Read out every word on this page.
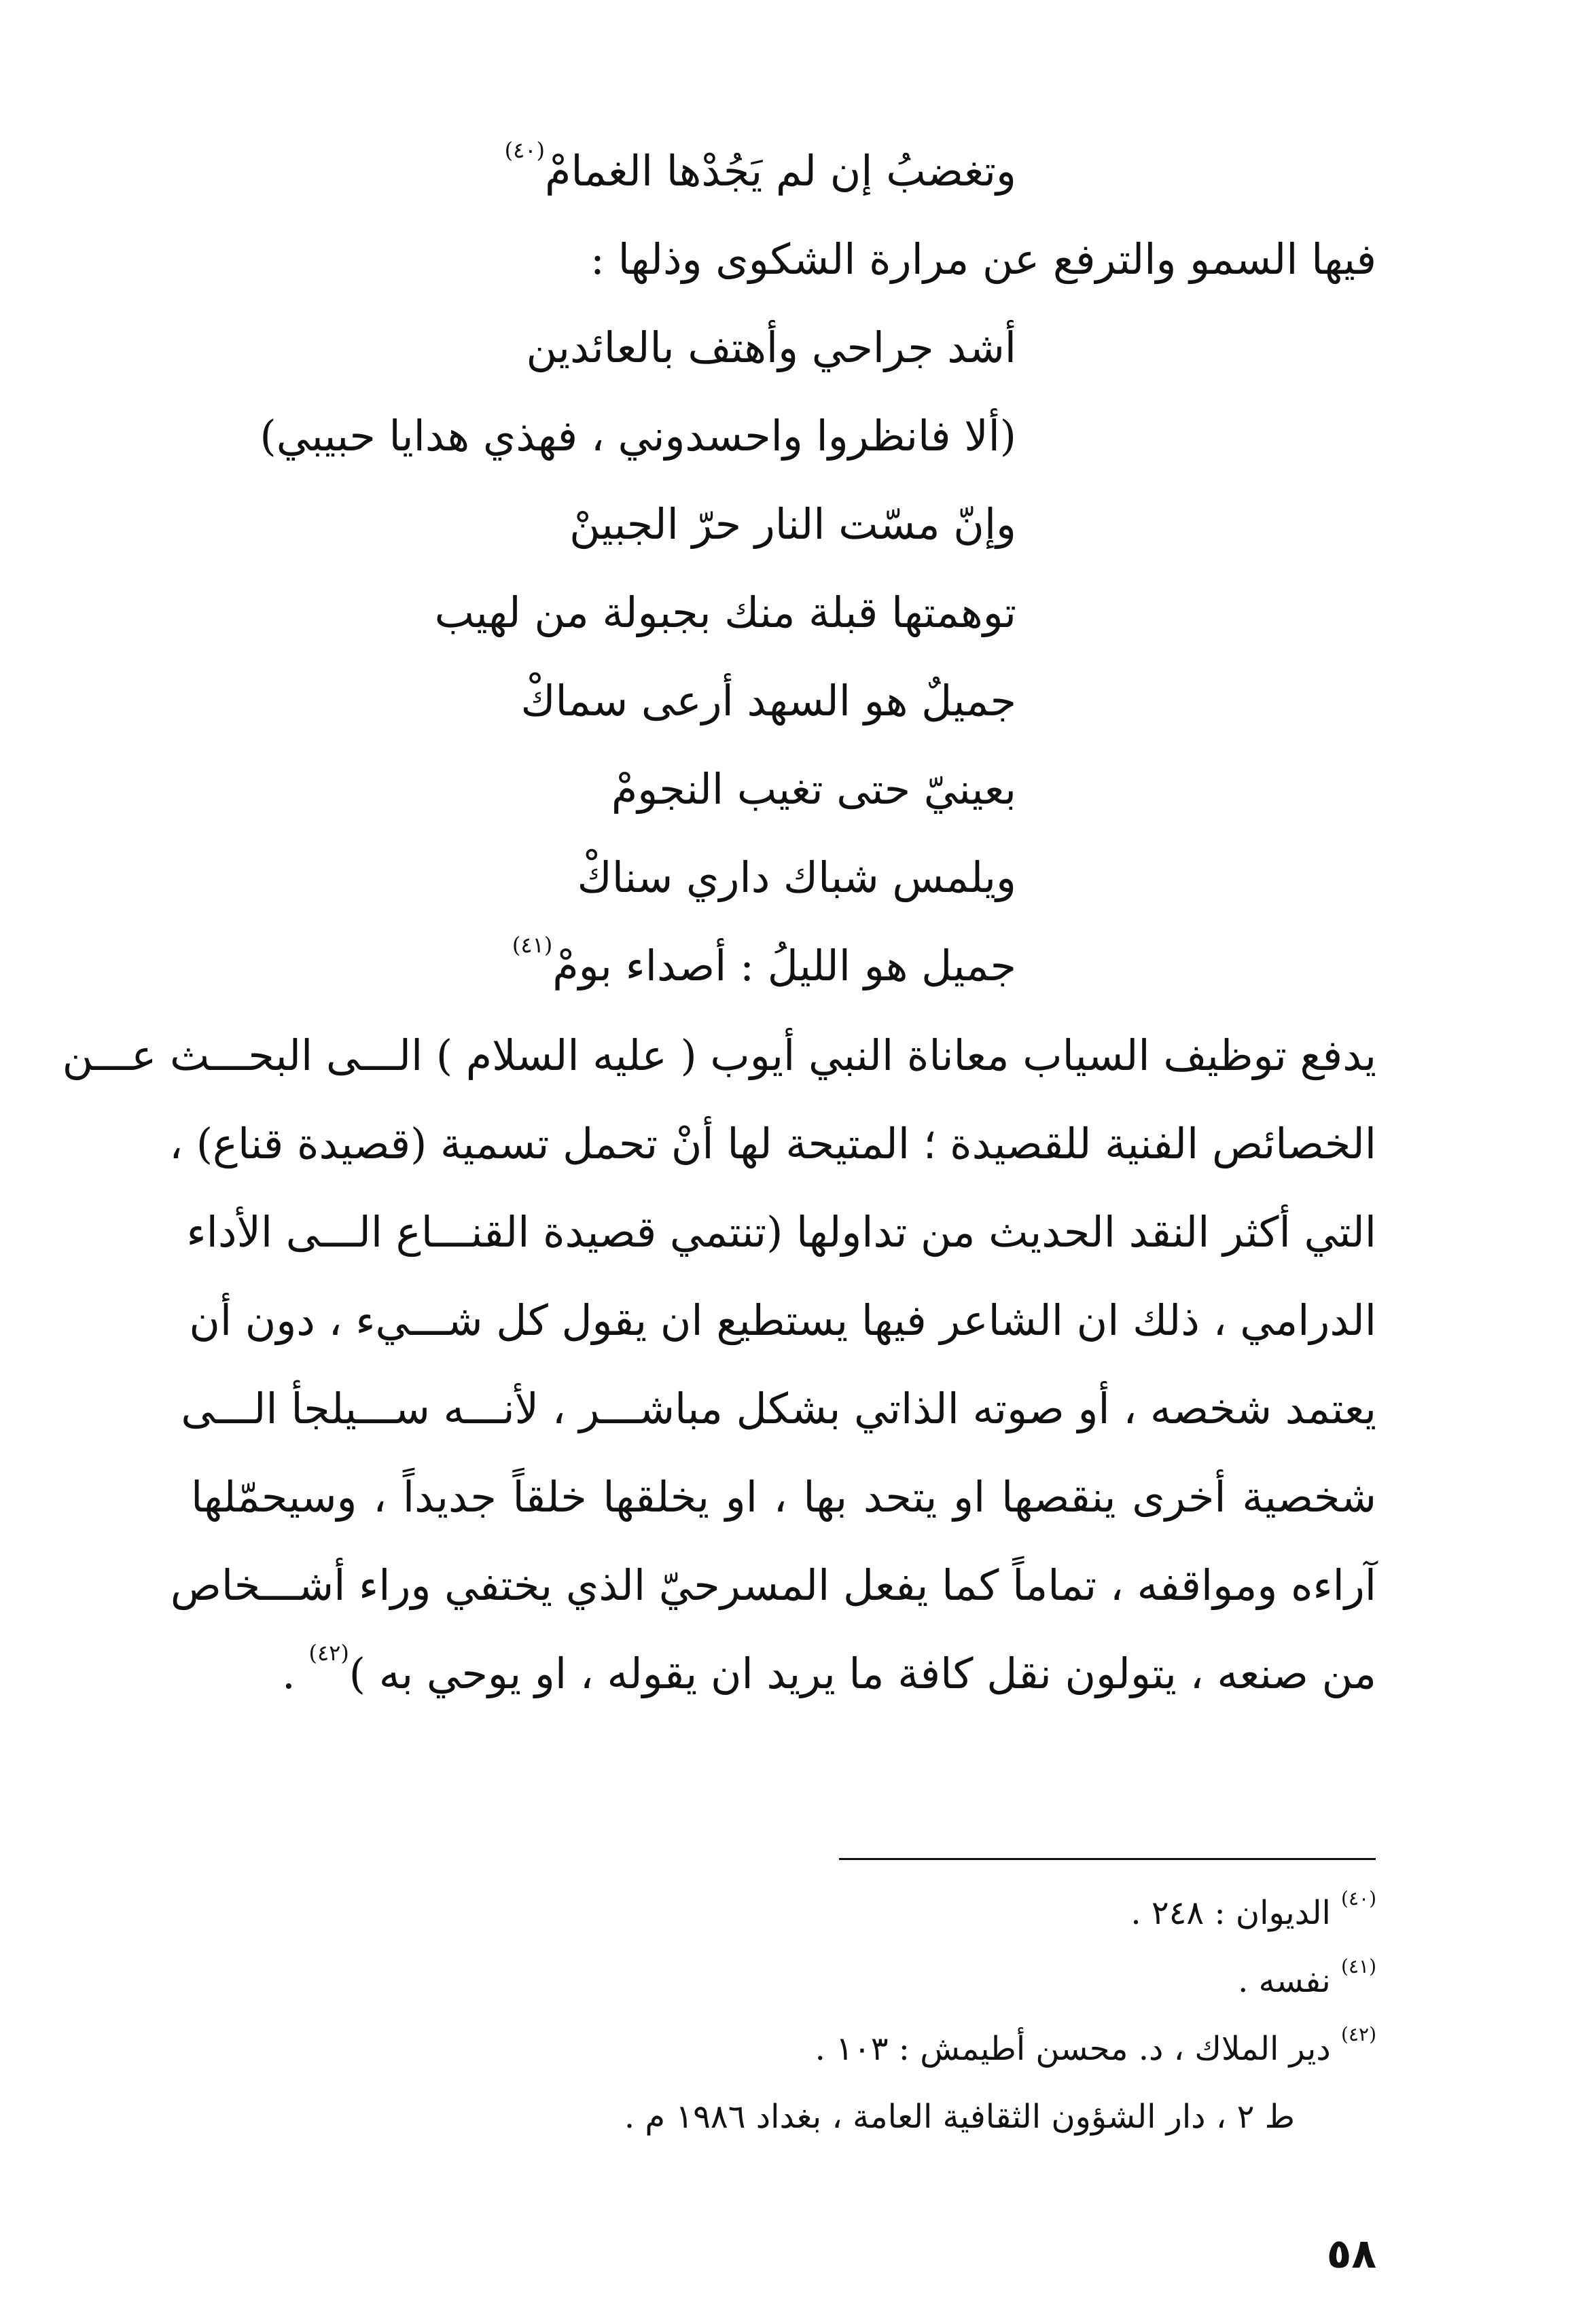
وتغضبُ إن لم يَجُدْها الغمامْ$^{(٤٠)}$
فيها السمو والترفع عن مرارة الشكوى وذلها :
أشد جراحي وأهتف بالعائدين
(ألا فانظروا واحسدوني ، فهذي هدايا حبيبي)
وإنّ مسّت النار حرّ الجبينْ
توهمتها قبلة منك بجبولة من لهيب
جميلٌ هو السهد أرعى سماكْ
بعينيّ حتى تغيب النجومْ
ويلمس شباك داري سناكْ
جميل هو الليلُ : أصداء بومْ$^{(٤١)}$
يدفع توظيف السياب معاناة النبي أيوب ( عليه السلام ) الـــى البحـــث عـــن
الخصائص الفنية للقصيدة ؛ المتيحة لها أنْ تحمل تسمية (قصيدة قناع) ،
التي أكثر النقد الحديث من تداولها (تنتمي قصيدة القنـــاع الـــى الأداء
الدرامي ، ذلك ان الشاعر فيها يستطيع ان يقول كل شـــيء ، دون أن
يعتمد شخصه ، أو صوته الذاتي بشكل مباشـــر ، لأنـــه ســـيلجأ الـــى
شخصية أخرى ينقصها او يتحد بها ، او يخلقها خلقاً جديداً ، وسيحمّلها
آراءه ومواقفه ، تماماً كما يفعل المسرحيّ الذي يختفي وراء أشـــخاص
من صنعه ، يتولون نقل كافة ما يريد ان يقوله ، او يوحي به )$^{(٤٢)}$ .
$^{(٤٠)}$ الديوان : ٢٤٨ .
$^{(٤١)}$ نفسه .
$^{(٤٢)}$ دير الملاك ، د. محسن أطيمش : ١٠٣ .
ط ٢ ، دار الشؤون الثقافية العامة ، بغداد ١٩٨٦ م .
٥٨
